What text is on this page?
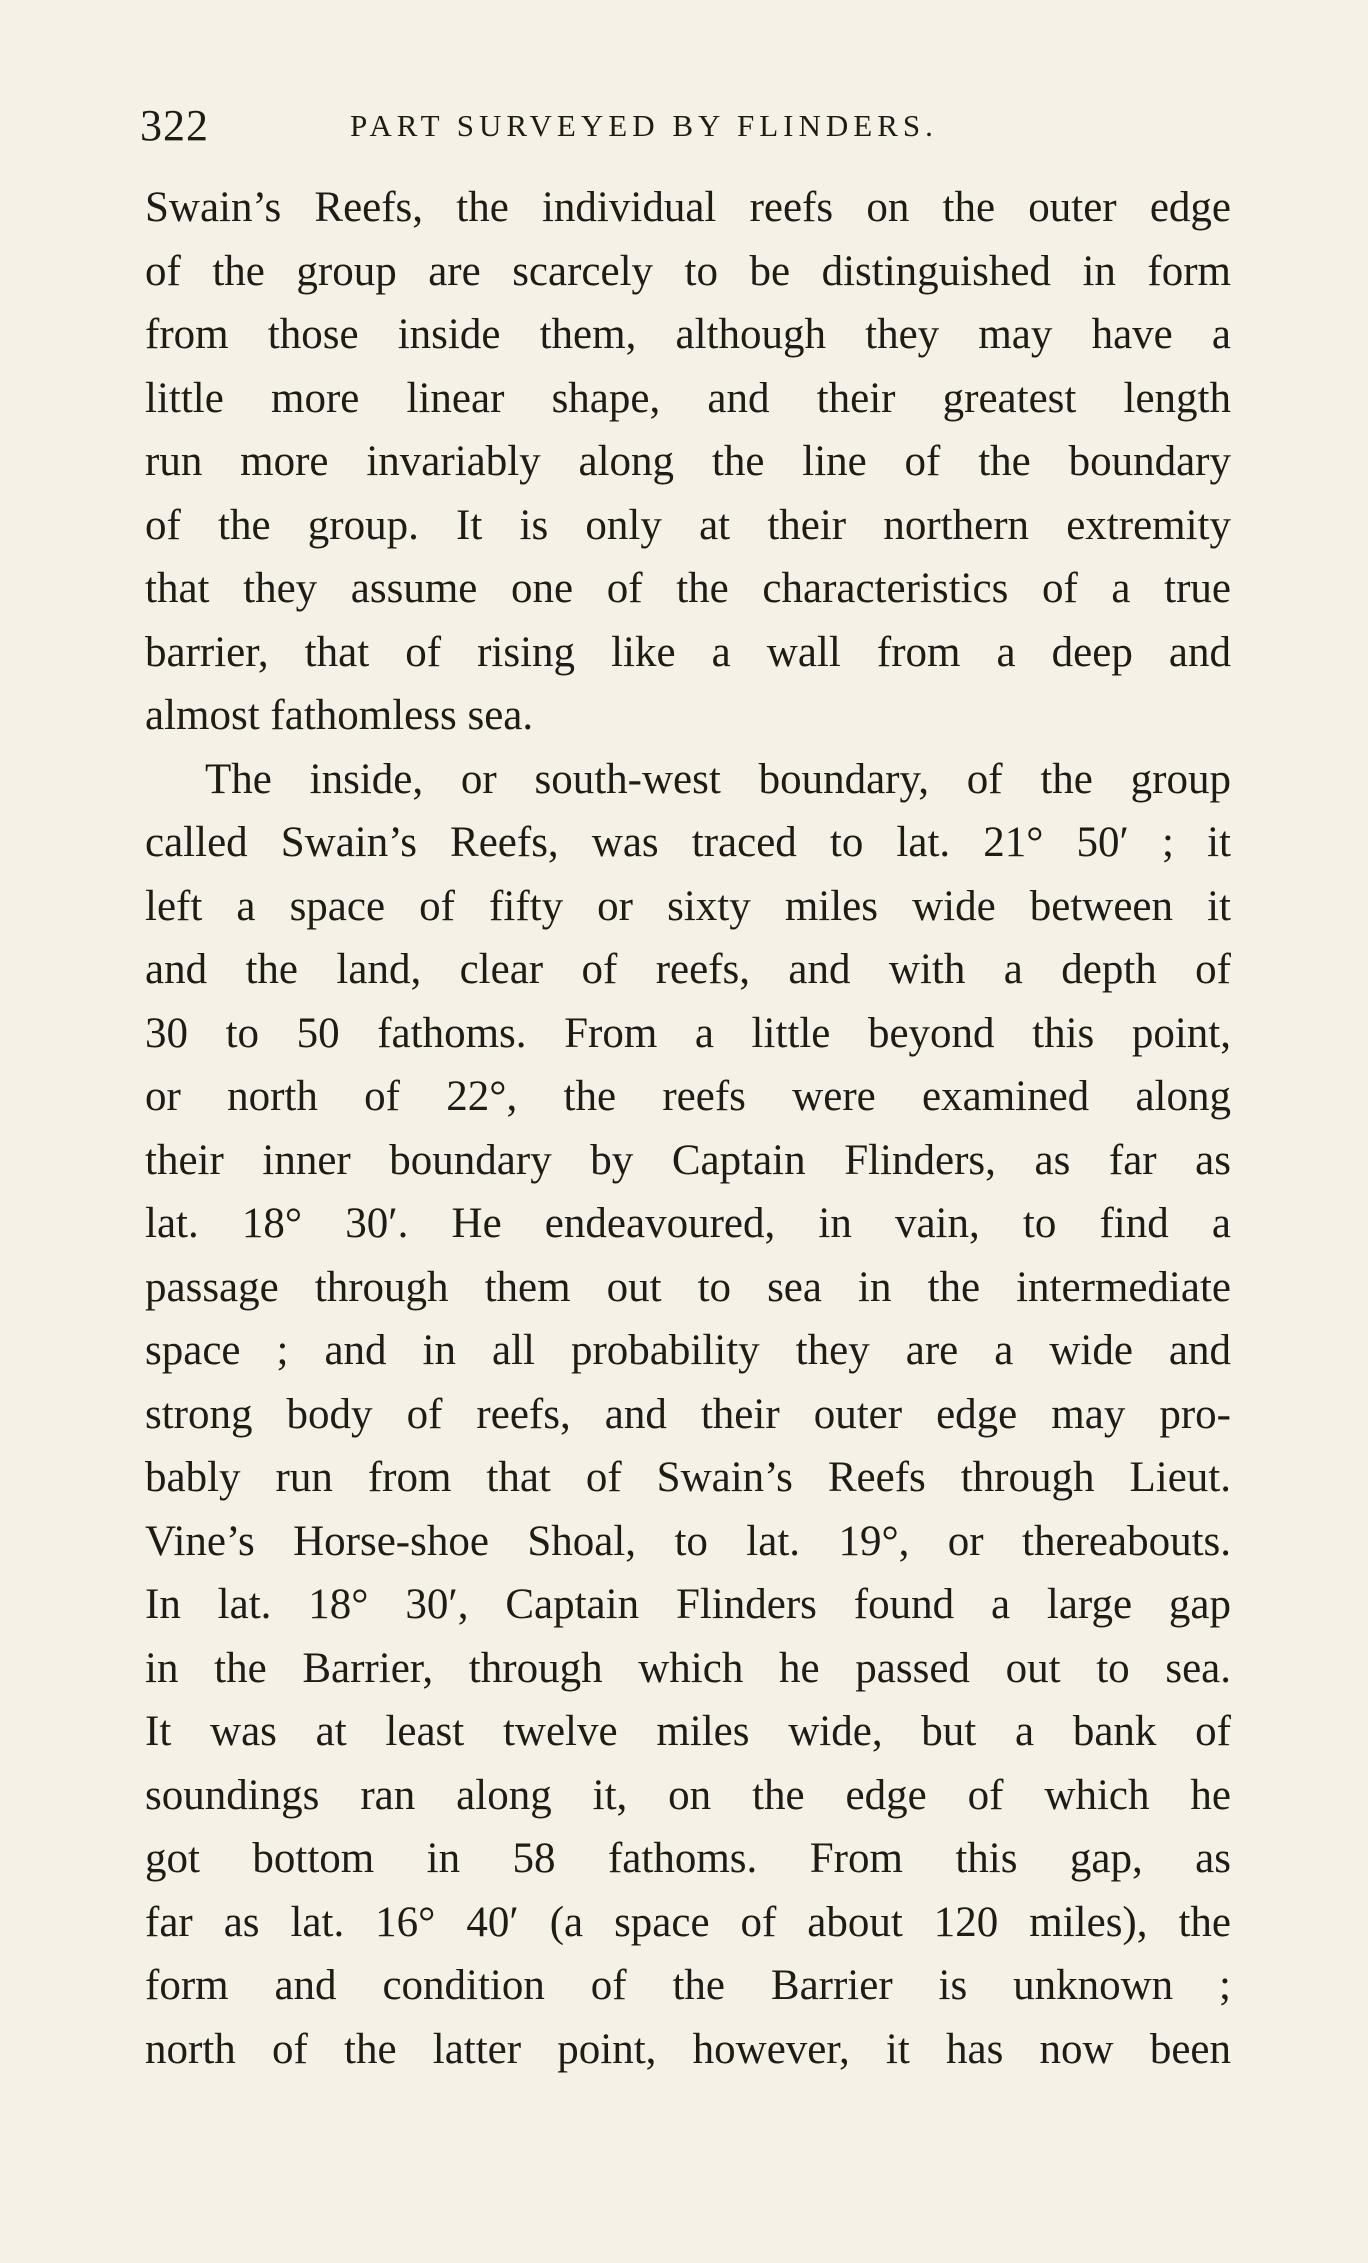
322	PART SURVEYED BY FLINDERS.
Swain’s Reefs, the individual reefs on the outer edge
of the group are scarcely to be distinguished in form
from those inside them, although they may have a
little more linear shape, and their greatest length
run more invariably along the line of the boundary
of the group. It is only at their northern extremity
that they assume one of the characteristics of a true
barrier, that of rising like a wall from a deep and
almost fathomless sea.
The inside, or south-west boundary, of the group
called Swain’s Reefs, was traced to lat. 21° 50′ ; it
left a space of fifty or sixty miles wide between it
and the land, clear of reefs, and with a depth of
30 to 50 fathoms. From a little beyond this point,
or north of 22°, the reefs were examined along
their inner boundary by Captain Flinders, as far as
lat. 18° 30′. He endeavoured, in vain, to find a
passage through them out to sea in the intermediate
space ; and in all probability they are a wide and
strong body of reefs, and their outer edge may pro-
bably run from that of Swain’s Reefs through Lieut.
Vine’s Horse-shoe Shoal, to lat. 19°, or thereabouts.
In lat. 18° 30′, Captain Flinders found a large gap
in the Barrier, through which he passed out to sea.
It was at least twelve miles wide, but a bank of
soundings ran along it, on the edge of which he
got bottom in 58 fathoms. From this gap, as
far as lat. 16° 40′ (a space of about 120 miles), the
form and condition of the Barrier is unknown ;
north of the latter point, however, it has now been
